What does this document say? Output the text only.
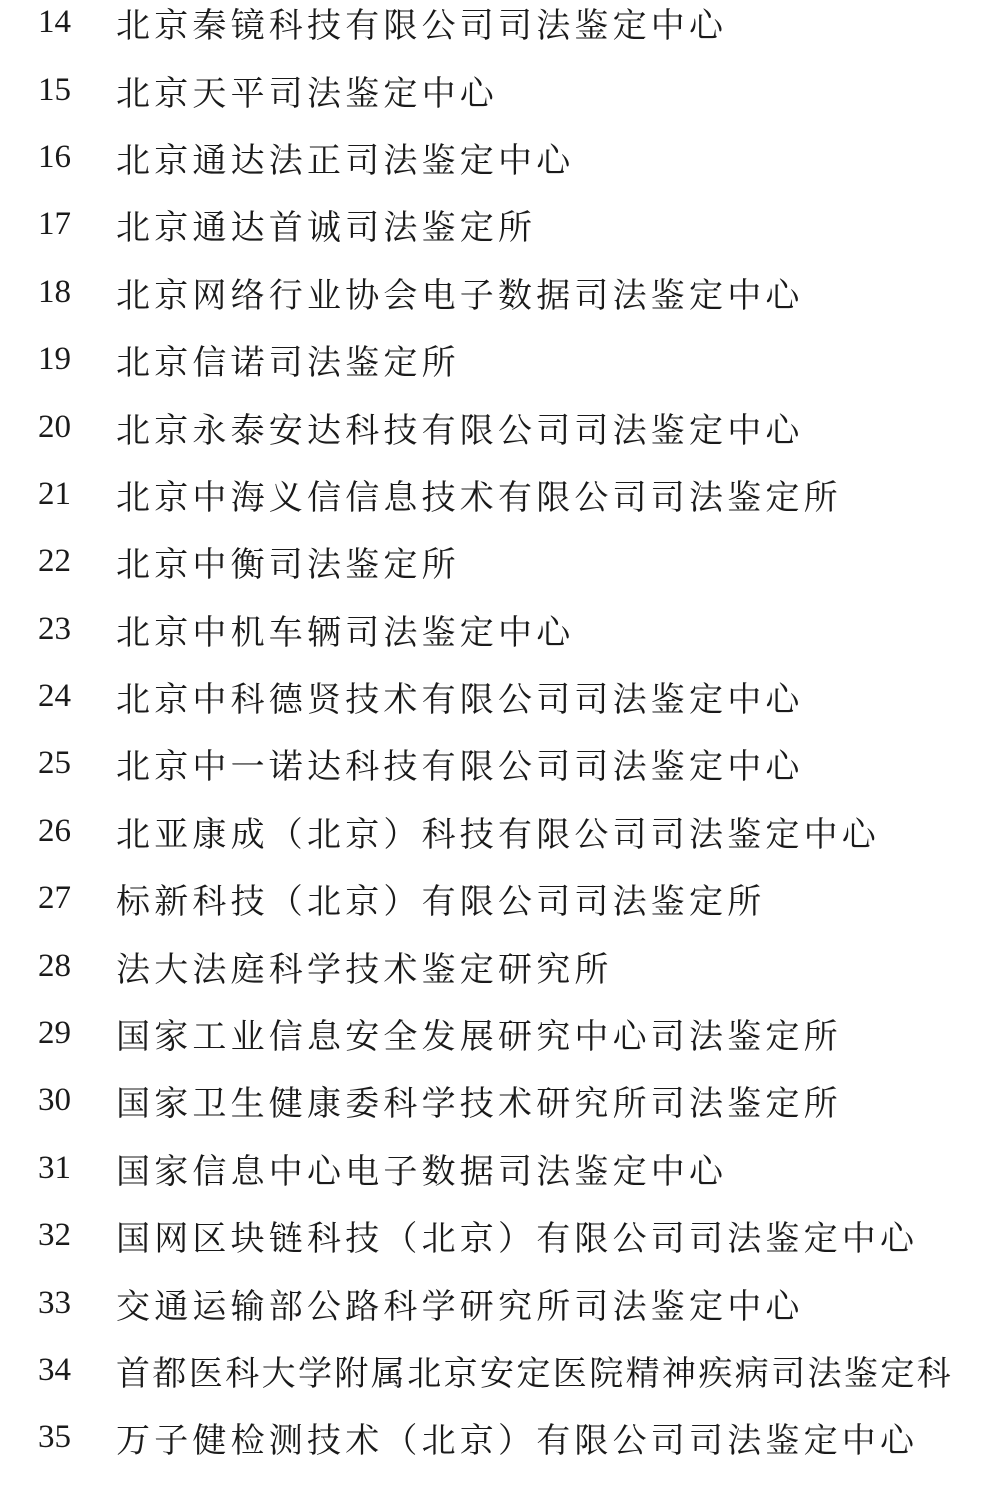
14	北京秦镜科技有限公司司法鉴定中心
15	北京天平司法鉴定中心
16	北京通达法正司法鉴定中心
17	北京通达首诚司法鉴定所
18	北京网络行业协会电子数据司法鉴定中心
19	北京信诺司法鉴定所
20	北京永泰安达科技有限公司司法鉴定中心
21	北京中海义信信息技术有限公司司法鉴定所
22	北京中衡司法鉴定所
23	北京中机车辆司法鉴定中心
24	北京中科德贤技术有限公司司法鉴定中心
25	北京中一诺达科技有限公司司法鉴定中心
26	北亚康成（北京）科技有限公司司法鉴定中心
27	标新科技（北京）有限公司司法鉴定所
28	法大法庭科学技术鉴定研究所
29	国家工业信息安全发展研究中心司法鉴定所
30	国家卫生健康委科学技术研究所司法鉴定所
31	国家信息中心电子数据司法鉴定中心
32	国网区块链科技（北京）有限公司司法鉴定中心
33	交通运输部公路科学研究所司法鉴定中心
34	首都医科大学附属北京安定医院精神疾病司法鉴定科
35	万子健检测技术（北京）有限公司司法鉴定中心
